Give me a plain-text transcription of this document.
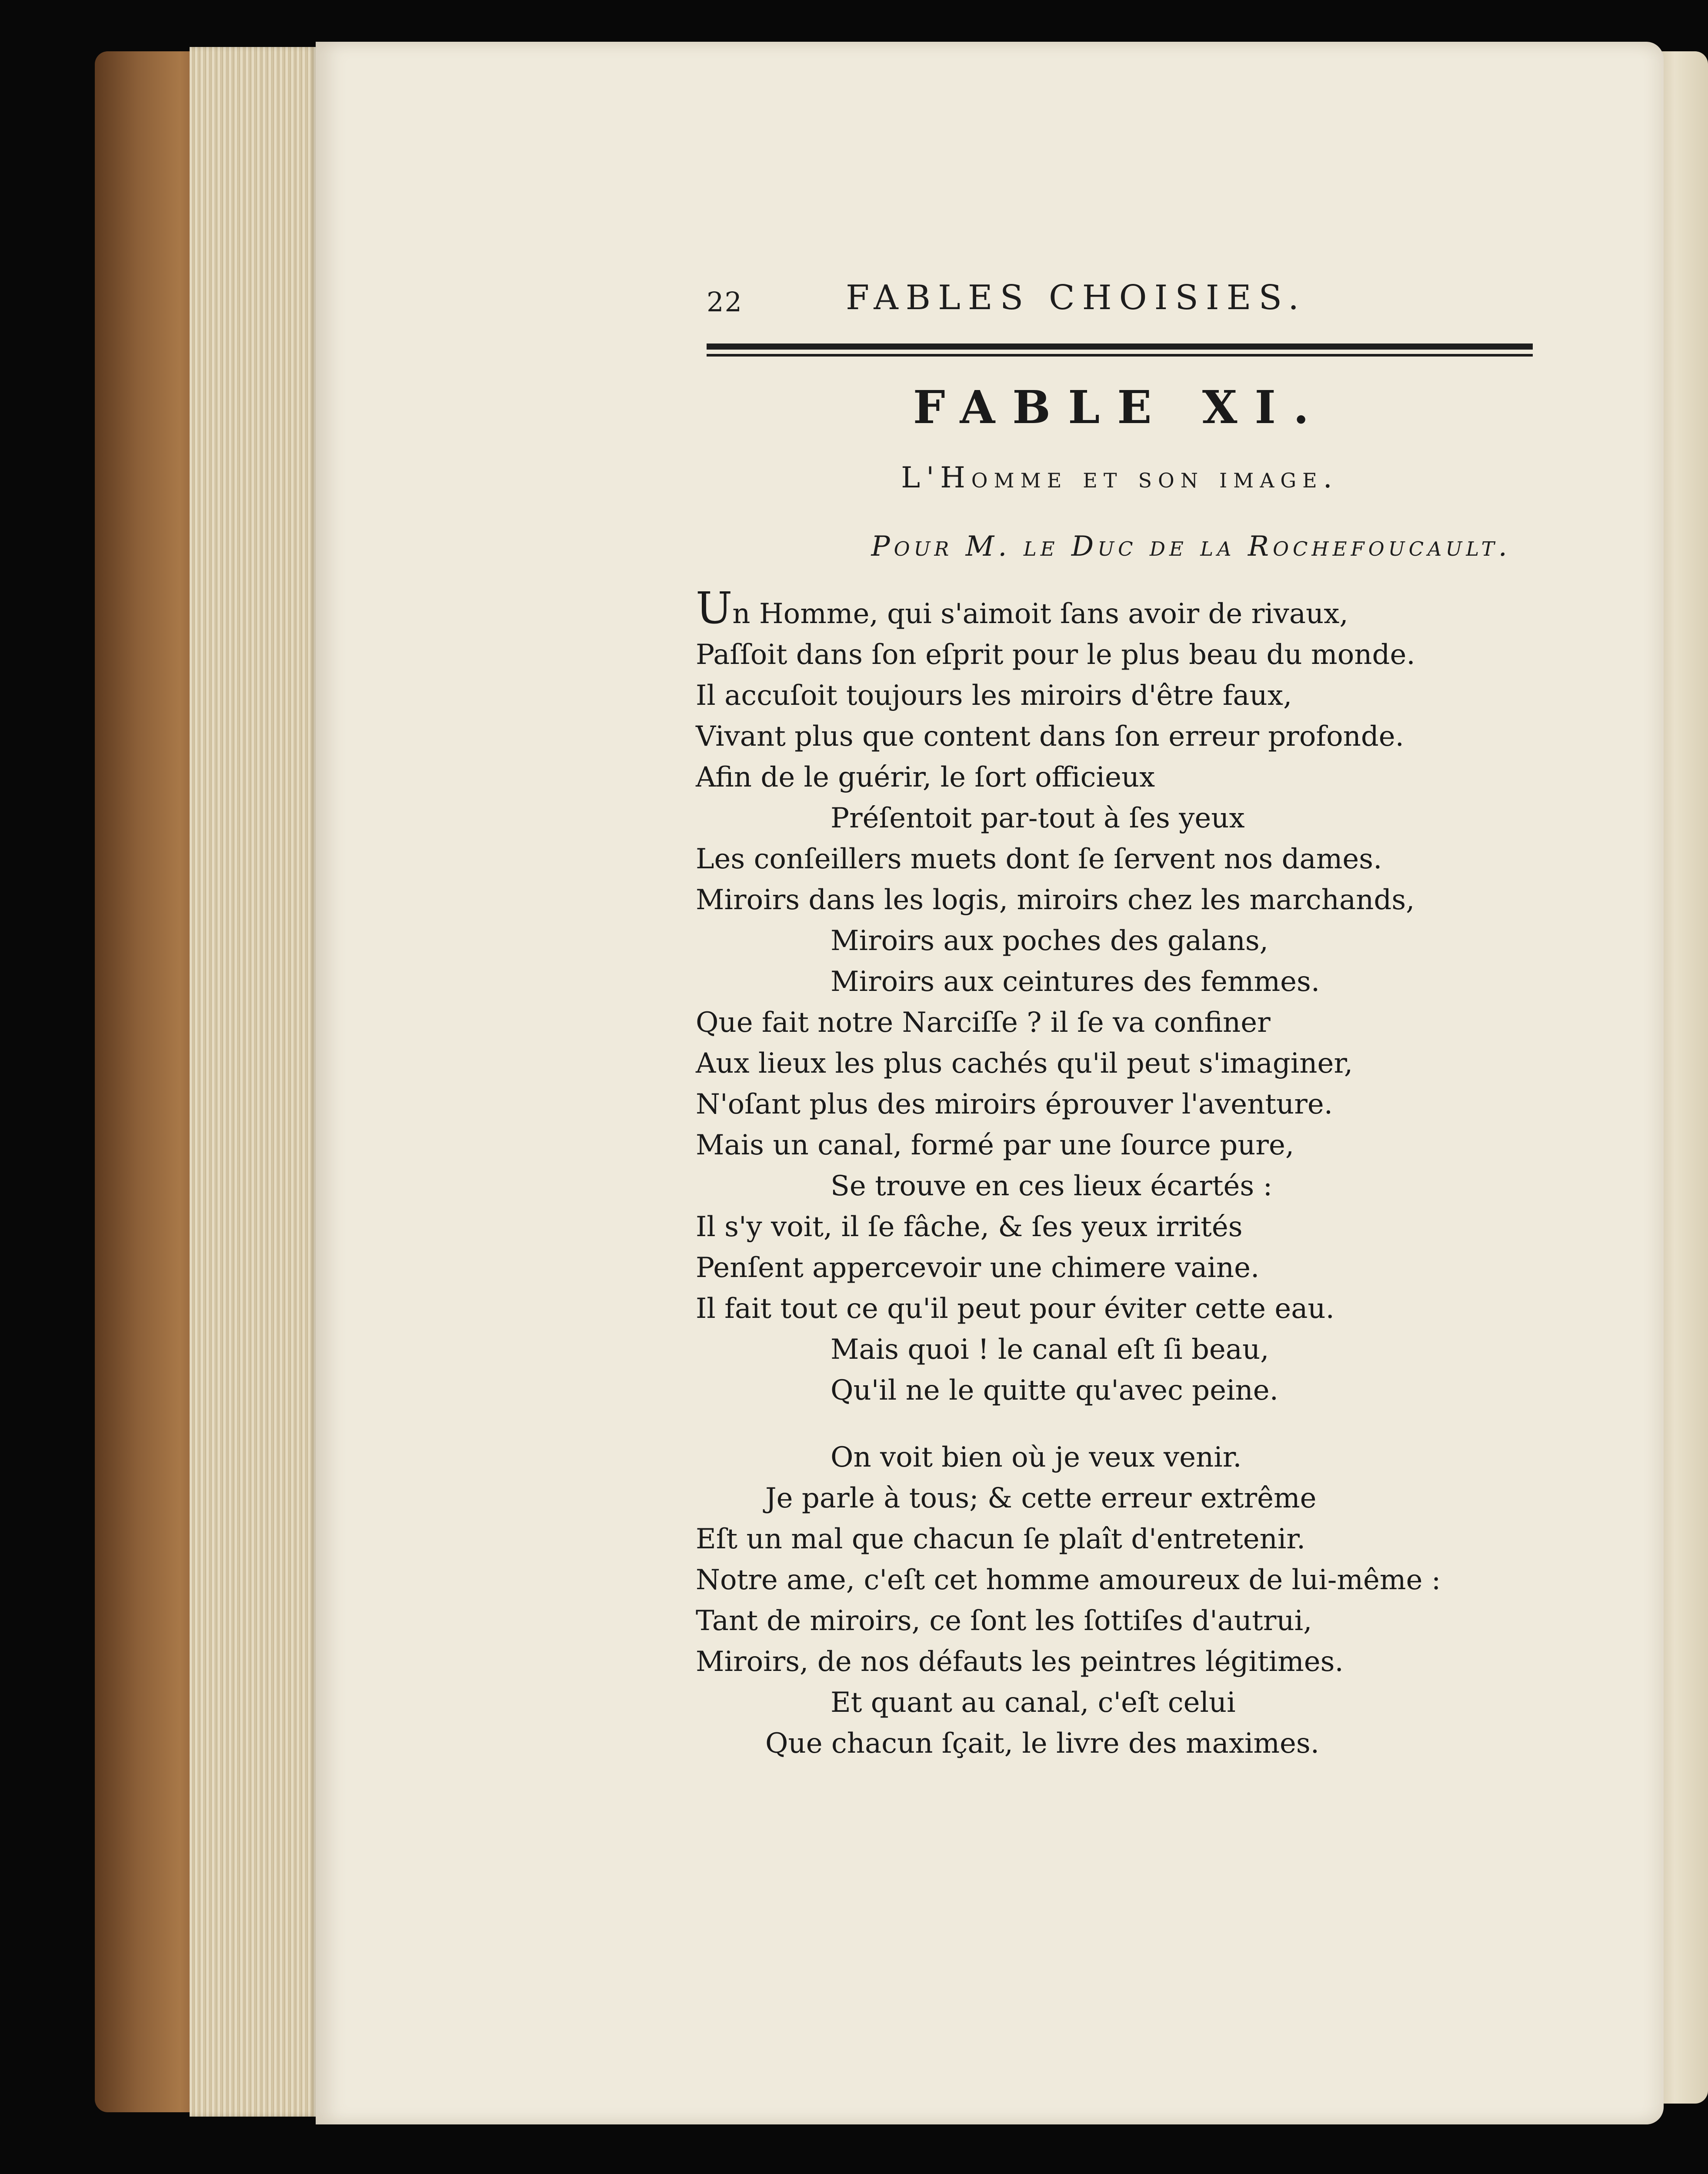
22	FABLES CHOISIES.
FABLE XI.
L'Homme et son image.
Pour M. le Duc de la Rochefoucault.
Un Homme, qui s'aimoit ſans avoir de rivaux,
Paſſoit dans ſon eſprit pour le plus beau du monde.
Il accuſoit toujours les miroirs d'être faux,
Vivant plus que content dans ſon erreur profonde.
Afin de le guérir, le ſort officieux
Préſentoit par-tout à ſes yeux
Les conſeillers muets dont ſe ſervent nos dames.
Miroirs dans les logis, miroirs chez les marchands,
Miroirs aux poches des galans,
Miroirs aux ceintures des femmes.
Que fait notre Narciſſe ? il ſe va confiner
Aux lieux les plus cachés qu'il peut s'imaginer,
N'oſant plus des miroirs éprouver l'aventure.
Mais un canal, formé par une ſource pure,
Se trouve en ces lieux écartés :
Il s'y voit, il ſe fâche, & ſes yeux irrités
Penſent appercevoir une chimere vaine.
Il fait tout ce qu'il peut pour éviter cette eau.
Mais quoi ! le canal eſt ſi beau,
Qu'il ne le quitte qu'avec peine.
On voit bien où je veux venir.
Je parle à tous; & cette erreur extrême
Eſt un mal que chacun ſe plaît d'entretenir.
Notre ame, c'eſt cet homme amoureux de lui-même :
Tant de miroirs, ce ſont les ſottiſes d'autrui,
Miroirs, de nos défauts les peintres légitimes.
Et quant au canal, c'eſt celui
Que chacun ſçait, le livre des maximes.
